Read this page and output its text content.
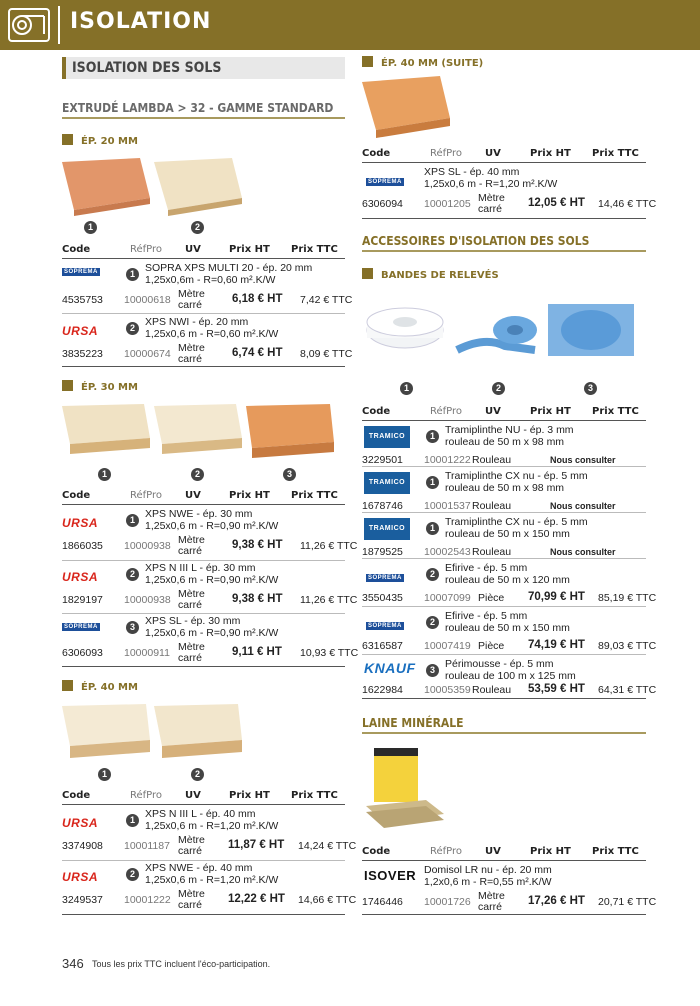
ISOLATION
ISOLATION DES SOLS
EXTRUDÉ LAMBDA > 32 - GAMME STANDARD
ÉP. 20 MM
1	2
Code	RéfPro UV	Prix HT Prix TTC
SOPREMA	1 SOPRA XPS MULTI 20 - ép. 20 mm
1,25x0,6m - R=0,60 m².K/W
4535753 10000618 Mètre
carré	6,18 € HT 7,42 € TTC
URSA	2 XPS NWI - ép. 20 mm
1,25x0,6 m - R=0,60 m².K/W
3835223 10000674 Mètre
carré	6,74 € HT 8,09 € TTC
ÉP. 30 MM
1	2	3
Code	RéfPro UV	Prix HT Prix TTC
URSA	1 XPS NWE - ép. 30 mm
1,25x0,6 m - R=0,90 m².K/W
1866035 10000938 Mètre
carré	9,38 € HT 11,26 € TTC
URSA	2 XPS N III L - ép. 30 mm
1,25x0,6 m - R=0,90 m².K/W
1829197 10000938 Mètre
carré	9,38 € HT 11,26 € TTC
SOPREMA	3 XPS SL - ép. 30 mm
1,25x0,6 m - R=0,90 m².K/W
6306093 10000911 Mètre
carré	9,11 € HT 10,93 € TTC
ÉP. 40 MM
1	2
Code	RéfPro UV	Prix HT Prix TTC
URSA	1 XPS N III L - ép. 40 mm
1,25x0,6 m - R=1,20 m².K/W
3374908 10001187 Mètre
carré 11,87 € HT 14,24 € TTC
URSA	2 XPS NWE - ép. 40 mm
1,25x0,6 m - R=1,20 m².K/W
3249537 10001222 Mètre
carré 12,22 € HT 14,66 € TTC
ÉP. 40 MM (SUITE)
Code	RéfPro UV	Prix HT Prix TTC
SOPREMA
XPS SL - ép. 40 mm
1,25x0,6 m - R=1,20 m².K/W
6306094 10001205 Mètre
carré 12,05 € HT 14,46 € TTC
ACCESSOIRES D'ISOLATION DES SOLS
BANDES DE RELEVÉS
1	2	3
Code	RéfPro UV	Prix HT Prix TTC
TRAMICO	1 Tramiplinthe NU - ép. 3 mm
rouleau de 50 m x 98 mm
3229501 10001222 Rouleau	Nous consulter
TRAMICO	1 Tramiplinthe CX nu - ép. 5 mm
rouleau de 50 m x 98 mm
1678746 10001537 Rouleau	Nous consulter
TRAMICO	1 Tramiplinthe CX nu - ép. 5 mm
rouleau de 50 m x 150 mm
1879525 10002543 Rouleau	Nous consulter
SOPREMA	2 Efirive - ép. 5 mm
rouleau de 50 m x 120 mm
3550435 10007099 Pièce 70,99 € HT 85,19 € TTC
SOPREMA	2 Efirive - ép. 5 mm
rouleau de 50 m x 150 mm
6316587 10007419 Pièce 74,19 € HT 89,03 € TTC
KNAUF	3 Périmousse - ép. 5 mm
rouleau de 100 m x 125 mm
1622984 10005359 Rouleau 53,59 € HT 64,31 € TTC
LAINE MINÉRALE
Code	RéfPro UV	Prix HT Prix TTC
ISOVER Domisol LR nu - ép. 20 mm
1,2x0,6 m - R=0,55 m².K/W
1746446 10001726 Mètre
carré 17,26 € HT 20,71 € TTC
346 Tous les prix TTC incluent l'éco-participation.
